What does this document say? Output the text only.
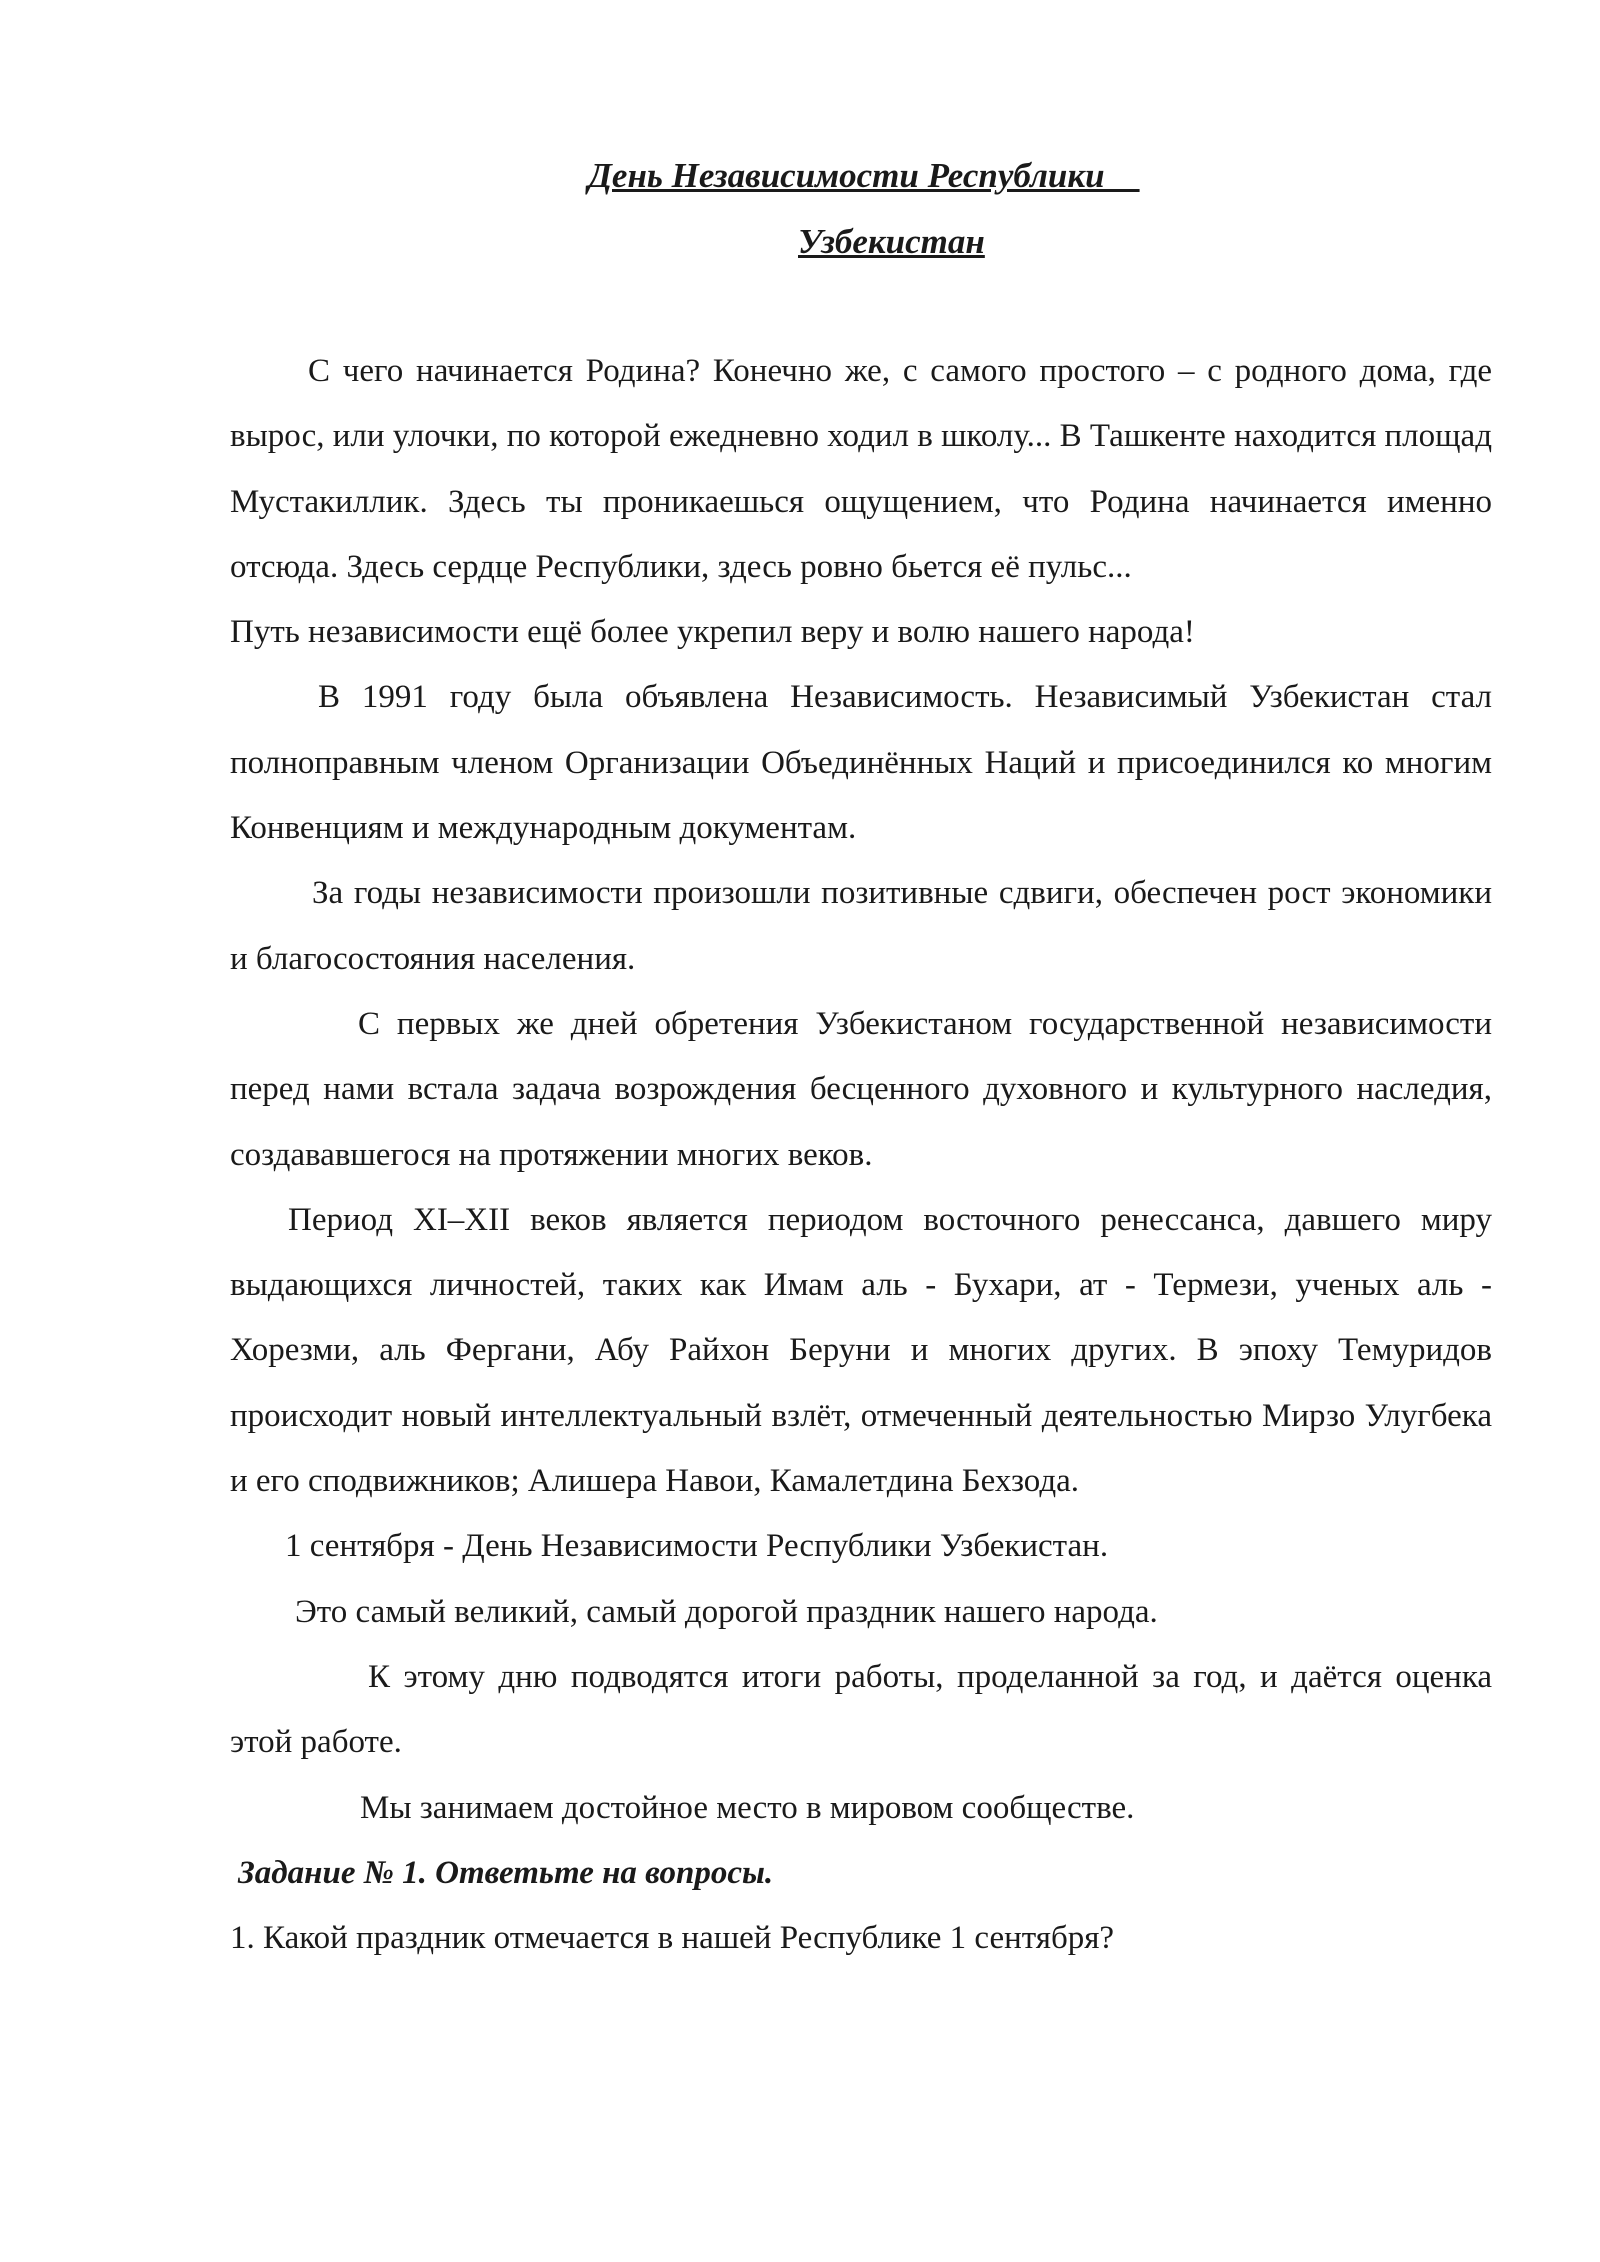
День Независимости Республики
Узбекистан

С чего начинается Родина? Конечно же, с самого простого – с родного дома, где вырос, или улочки, по которой ежедневно ходил в школу... В Ташкенте находится площад Мустакиллик. Здесь ты проникаешься ощущением, что Родина начинается именно отсюда. Здесь сердце Республики, здесь ровно бьется её пульс...

Путь независимости ещё более укрепил веру и волю нашего народа!

В 1991 году была объявлена Независимость. Независимый Узбекистан стал полноправным членом Организации Объединённых Наций и присоединился ко многим Конвенциям и международным документам.

За годы независимости произошли позитивные сдвиги, обеспечен рост экономики и благосостояния населения.

С первых же дней обретения Узбекистаном государственной независимости перед нами встала задача возрождения бесценного духовного и культурного наследия, создававшегося на протяжении многих веков.

Период XI–XII веков является периодом восточного ренессанса, давшего миру выдающихся личностей, таких как Имам аль - Бухари, ат - Термези, ученых аль - Хорезми, аль Фергани, Абу Райхон Беруни и многих других. В эпоху Темуридов происходит новый интеллектуальный взлёт, отмеченный деятельностью Мирзо Улугбека и его сподвижников; Алишера Навои, Камалетдина Бехзода.

1 сентября - День Независимости Республики Узбекистан.

Это самый великий, самый дорогой праздник нашего народа.

К этому дню подводятся итоги работы, проделанной за год, и даётся оценка этой работе.

Мы занимаем достойное место в мировом сообществе.

Задание № 1. Ответьте на вопросы.

1. Какой праздник отмечается в нашей Республике 1 сентября?
